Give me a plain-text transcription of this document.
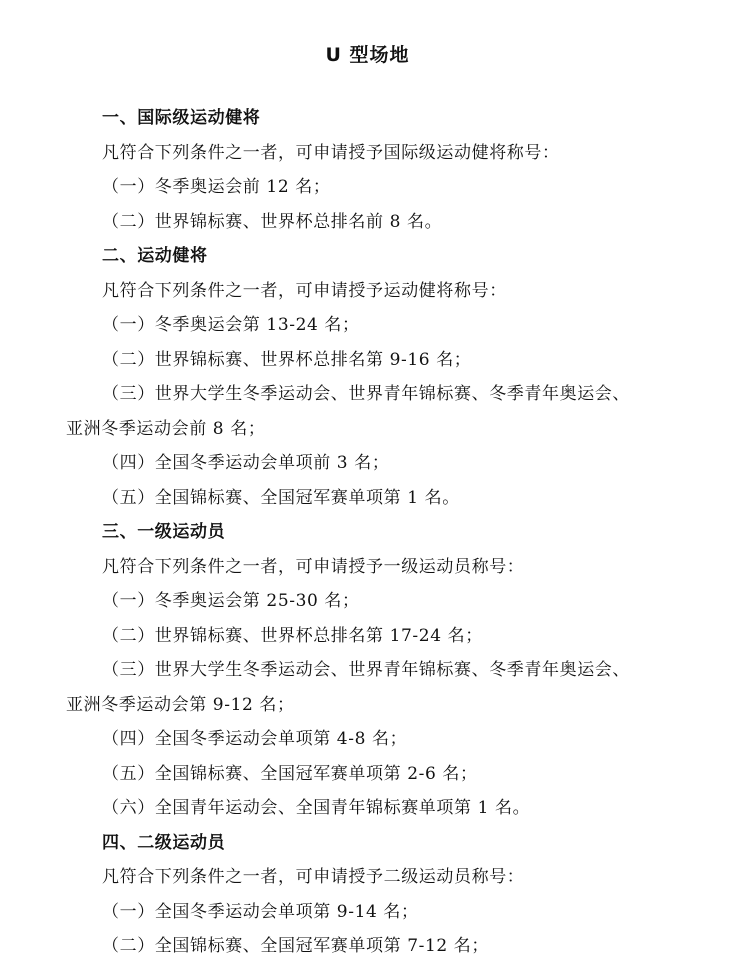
U 型场地
一、国际级运动健将
凡符合下列条件之一者，可申请授予国际级运动健将称号：
（一）冬季奥运会前 12 名；
（二）世界锦标赛、世界杯总排名前 8 名。
二、运动健将
凡符合下列条件之一者，可申请授予运动健将称号：
（一）冬季奥运会第 13-24 名；
（二）世界锦标赛、世界杯总排名第 9-16 名；
（三）世界大学生冬季运动会、世界青年锦标赛、冬季青年奥运会、
亚洲冬季运动会前 8 名；
（四）全国冬季运动会单项前 3 名；
（五）全国锦标赛、全国冠军赛单项第 1 名。
三、一级运动员
凡符合下列条件之一者，可申请授予一级运动员称号：
（一）冬季奥运会第 25-30 名；
（二）世界锦标赛、世界杯总排名第 17-24 名；
（三）世界大学生冬季运动会、世界青年锦标赛、冬季青年奥运会、
亚洲冬季运动会第 9-12 名；
（四）全国冬季运动会单项第 4-8 名；
（五）全国锦标赛、全国冠军赛单项第 2-6 名；
（六）全国青年运动会、全国青年锦标赛单项第 1 名。
四、二级运动员
凡符合下列条件之一者，可申请授予二级运动员称号：
（一）全国冬季运动会单项第 9-14 名；
（二）全国锦标赛、全国冠军赛单项第 7-12 名；
